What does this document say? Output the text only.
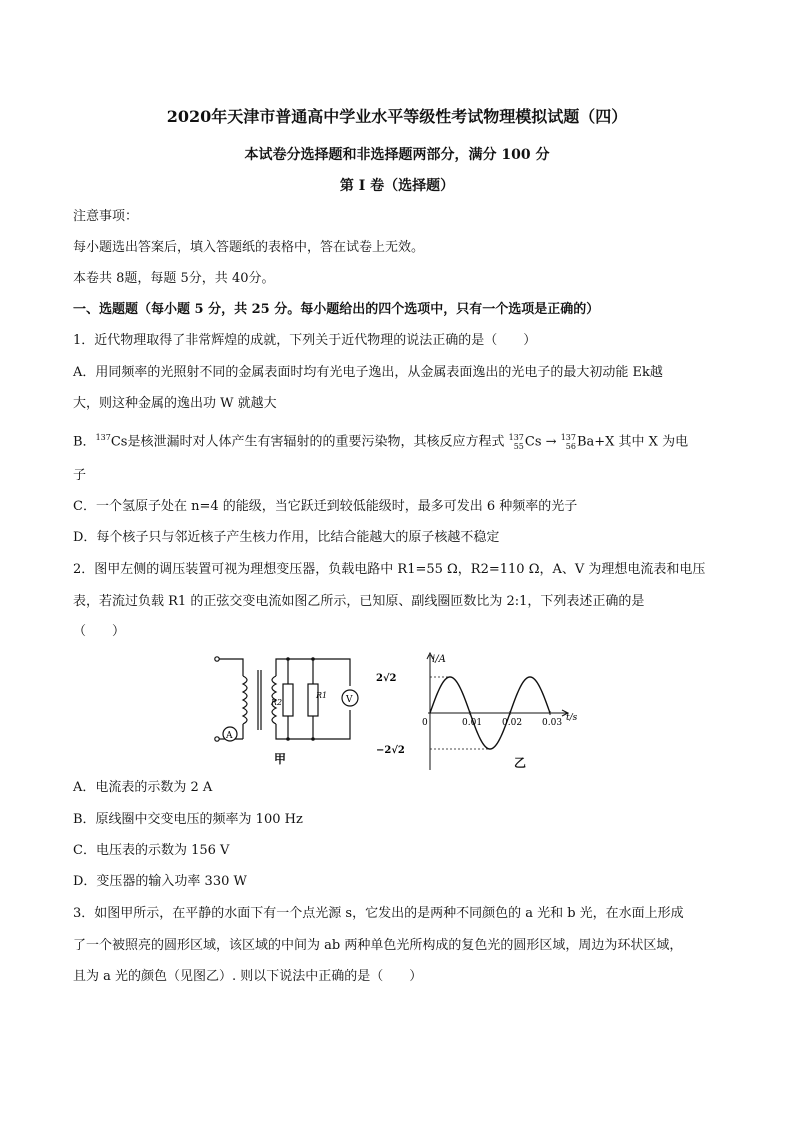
2020年天津市普通高中学业水平等级性考试物理模拟试题（四）
本试卷分选择题和非选择题两部分，满分 100 分
第 I 卷（选择题）
注意事项：
每小题选出答案后，填入答题纸的表格中，答在试卷上无效。
本卷共 8题，每题 5分，共 40分。
一、选题题（每小题 5 分，共 25 分。每小题给出的四个选项中，只有一个选项是正确的）
1．近代物理取得了非常辉煌的成就，下列关于近代物理的说法正确的是（　　）
A．用同频率的光照射不同的金属表面时均有光电子逸出，从金属表面逸出的光电子的最大初动能 Ek越
大，则这种金属的逸出功 W 就越大
B．$^{137}$Cs是核泄漏时对人体产生有害辐射的的重要污染物，其核反应方程式 137
55Cs → 137
56Ba+X 其中 X 为电
子
C．一个氢原子处在 n=4 的能级，当它跃迁到较低能级时，最多可发出 6 种频率的光子
D．每个核子只与邻近核子产生核力作用，比结合能越大的原子核越不稳定
2．图甲左侧的调压装置可视为理想变压器，负载电路中 R1=55 Ω，R2=110 Ω，A、V 为理想电流表和电压
表，若流过负载 R1 的正弦交变电流如图乙所示，已知原、副线圈匝数比为 2:1，下列表述正确的是
（　　）
R2
R1 V
A
甲
0	0.01 0.02 0.03
2√2
−2√2
i/A
t/s
乙
A．电流表的示数为 2 A
B．原线圈中交变电压的频率为 100 Hz
C．电压表的示数为 156 V
D．变压器的输入功率 330 W
3．如图甲所示，在平静的水面下有一个点光源 s，它发出的是两种不同颜色的 a 光和 b 光，在水面上形成
了一个被照亮的圆形区域，该区域的中间为 ab 两种单色光所构成的复色光的圆形区域，周边为环状区域，
且为 a 光的颜色（见图乙）. 则以下说法中正确的是（　　）
